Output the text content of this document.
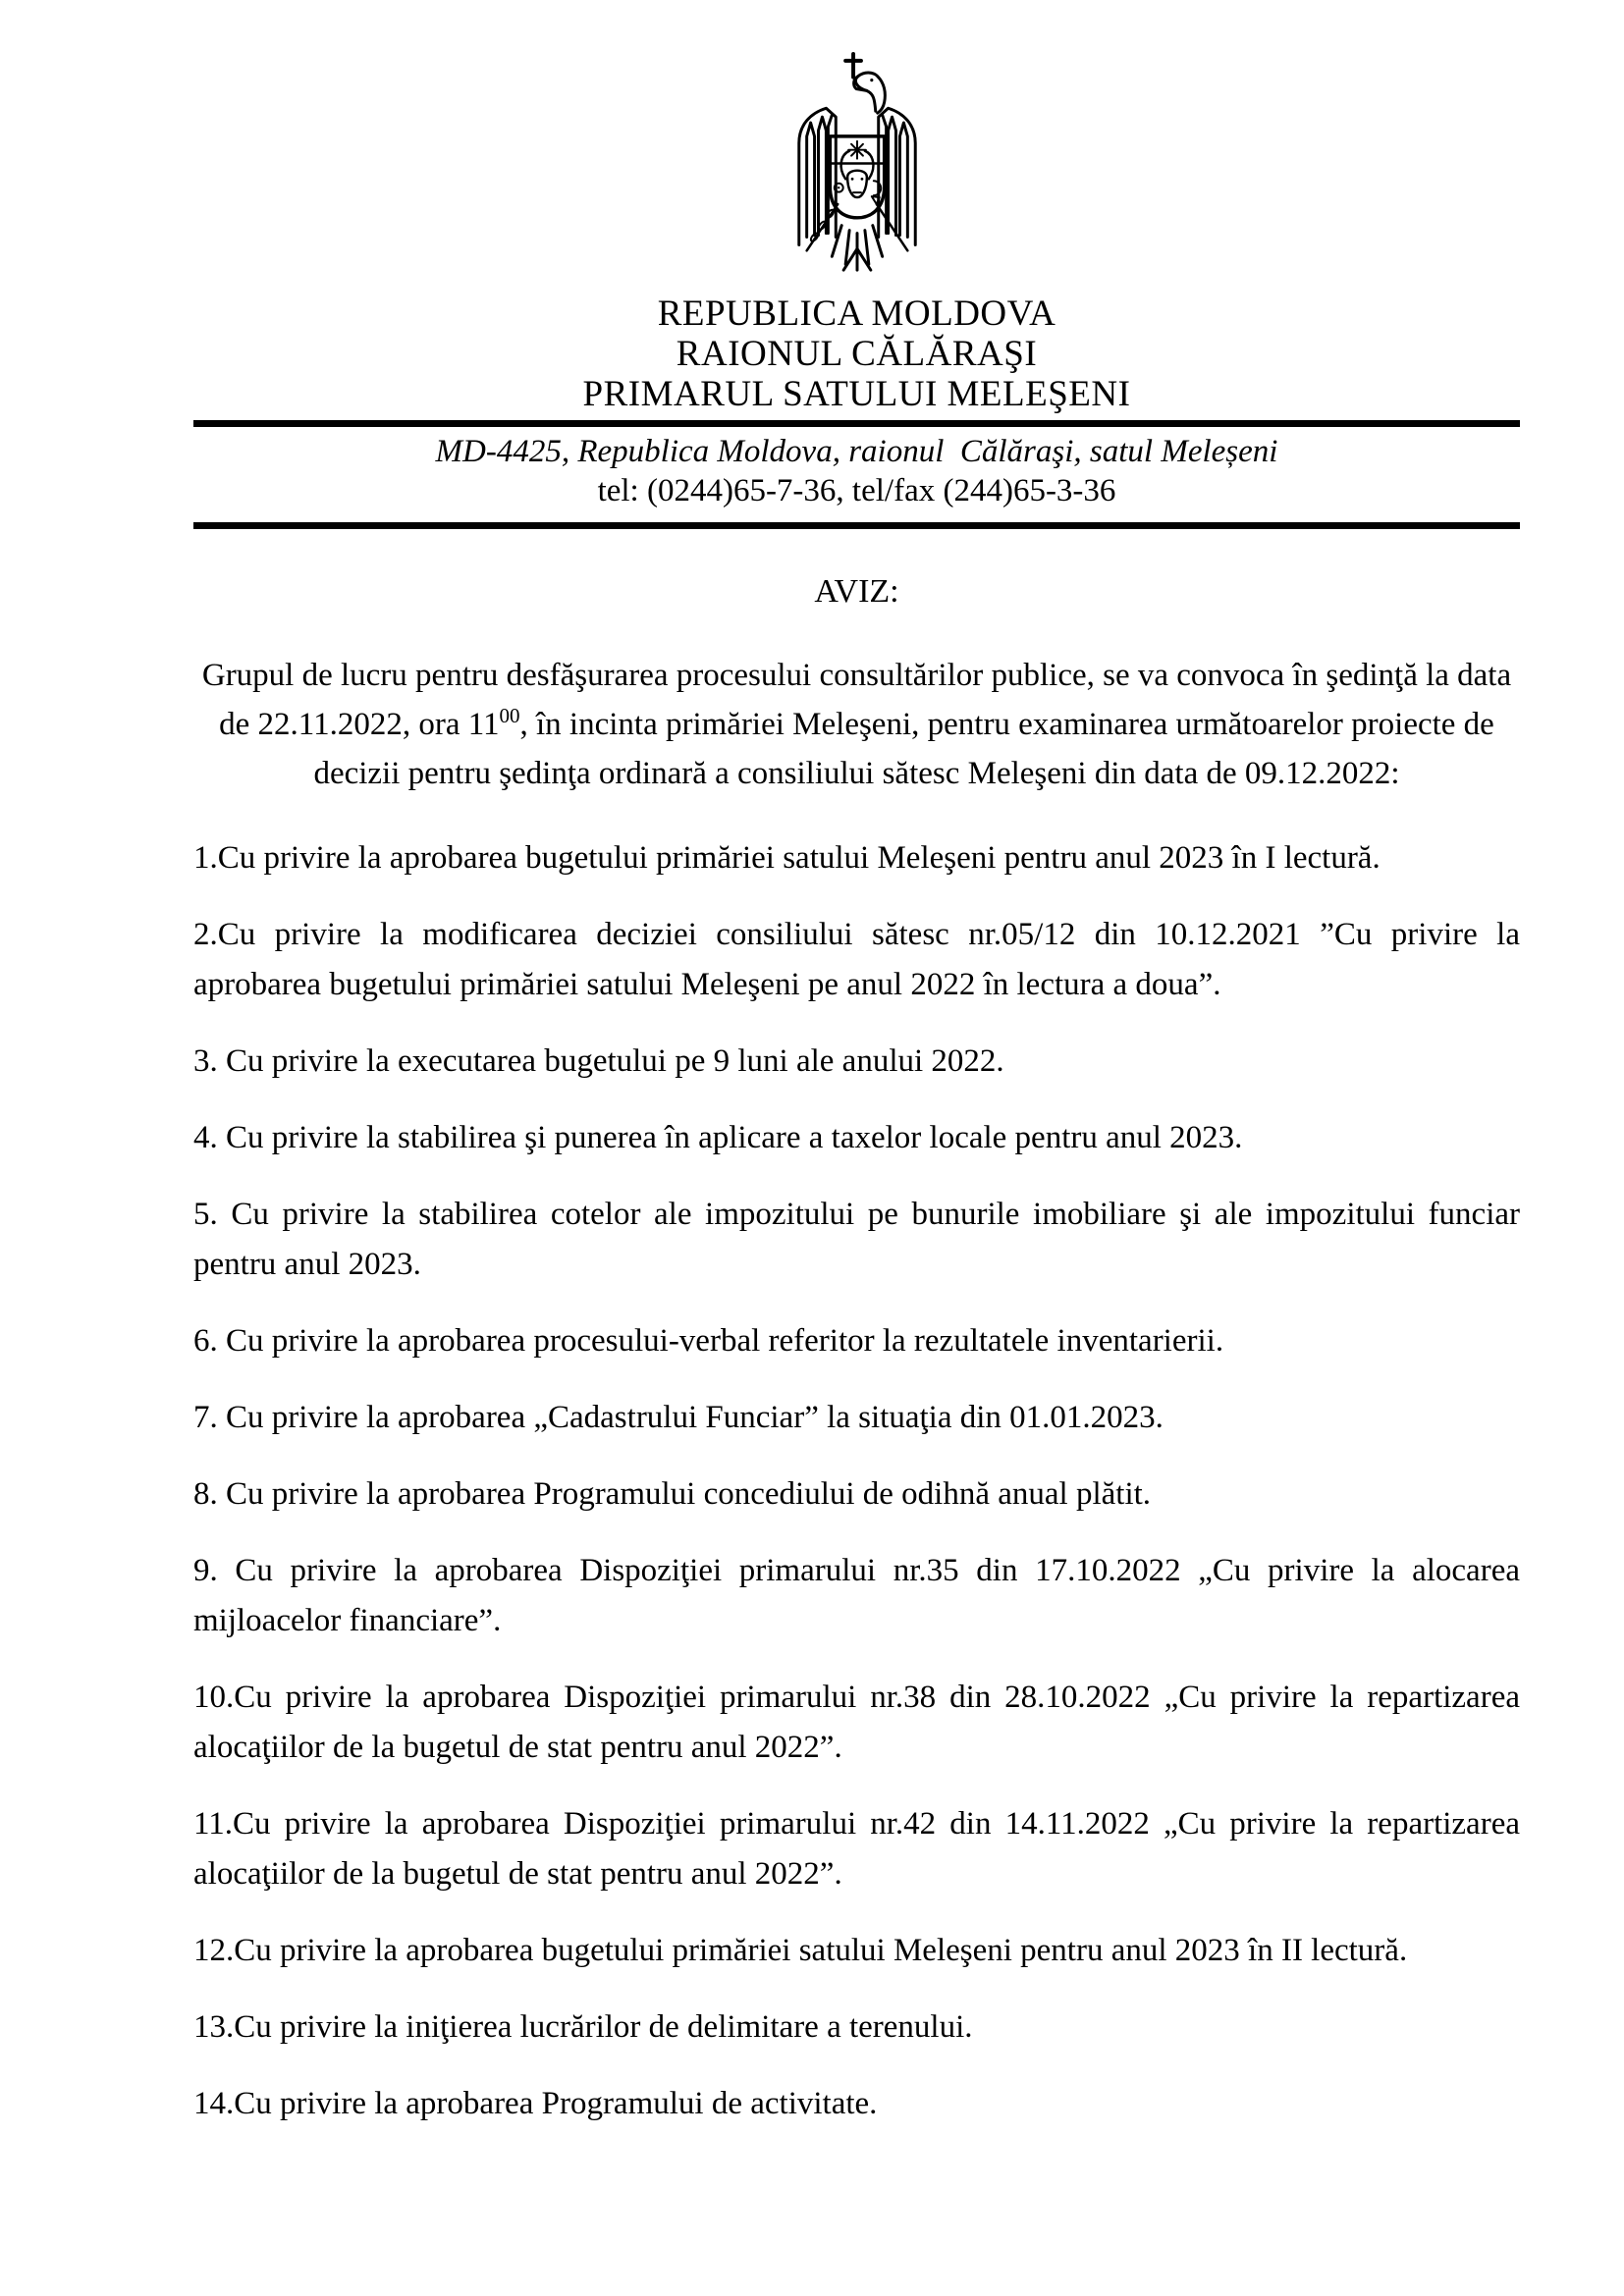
REPUBLICA MOLDOVA
RAIONUL CĂLĂRAŞI
PRIMARUL SATULUI MELEŞENI
MD-4425, Republica Moldova, raionul  Călăraşi, satul Meleșeni
tel: (0244)65-7-36, tel/fax (244)65-3-36
AVIZ:

Grupul de lucru pentru desfăşurarea procesului consultărilor publice, se va convoca în şedinţă la data de 22.11.2022, ora $11^{00}$, în incinta primăriei Meleşeni, pentru examinarea următoarelor proiecte de decizii pentru şedinţa ordinară a consiliului sătesc Meleşeni din data de 09.12.2022:

1.Cu privire la aprobarea bugetului primăriei satului Meleşeni pentru anul 2023 în I lectură.

2.Cu privire la modificarea deciziei consiliului sătesc nr.05/12 din 10.12.2021 ”Cu privire la aprobarea bugetului primăriei satului Meleşeni pe anul 2022 în lectura a doua”.

3. Cu privire la executarea bugetului pe 9 luni ale anului 2022.

4. Cu privire la stabilirea şi punerea în aplicare a taxelor locale pentru anul 2023.

5. Cu privire la stabilirea cotelor ale impozitului pe bunurile imobiliare şi ale impozitului funciar pentru anul 2023.

6. Cu privire la aprobarea procesului-verbal referitor la rezultatele inventarierii.

7. Cu privire la aprobarea „Cadastrului Funciar” la situaţia din 01.01.2023.

8. Cu privire la aprobarea Programului concediului de odihnă anual plătit.

9. Cu privire la aprobarea Dispoziţiei primarului nr.35 din 17.10.2022 „Cu privire la alocarea mijloacelor financiare”.

10.Cu privire la aprobarea Dispoziţiei primarului nr.38 din 28.10.2022 „Cu privire la repartizarea alocaţiilor de la bugetul de stat pentru anul 2022”.

11.Cu privire la aprobarea Dispoziţiei primarului nr.42 din 14.11.2022 „Cu privire la repartizarea alocaţiilor de la bugetul de stat pentru anul 2022”.

12.Cu privire la aprobarea bugetului primăriei satului Meleşeni pentru anul 2023 în II lectură.

13.Cu privire la iniţierea lucrărilor de delimitare a terenului.

14.Cu privire la aprobarea Programului de activitate.
